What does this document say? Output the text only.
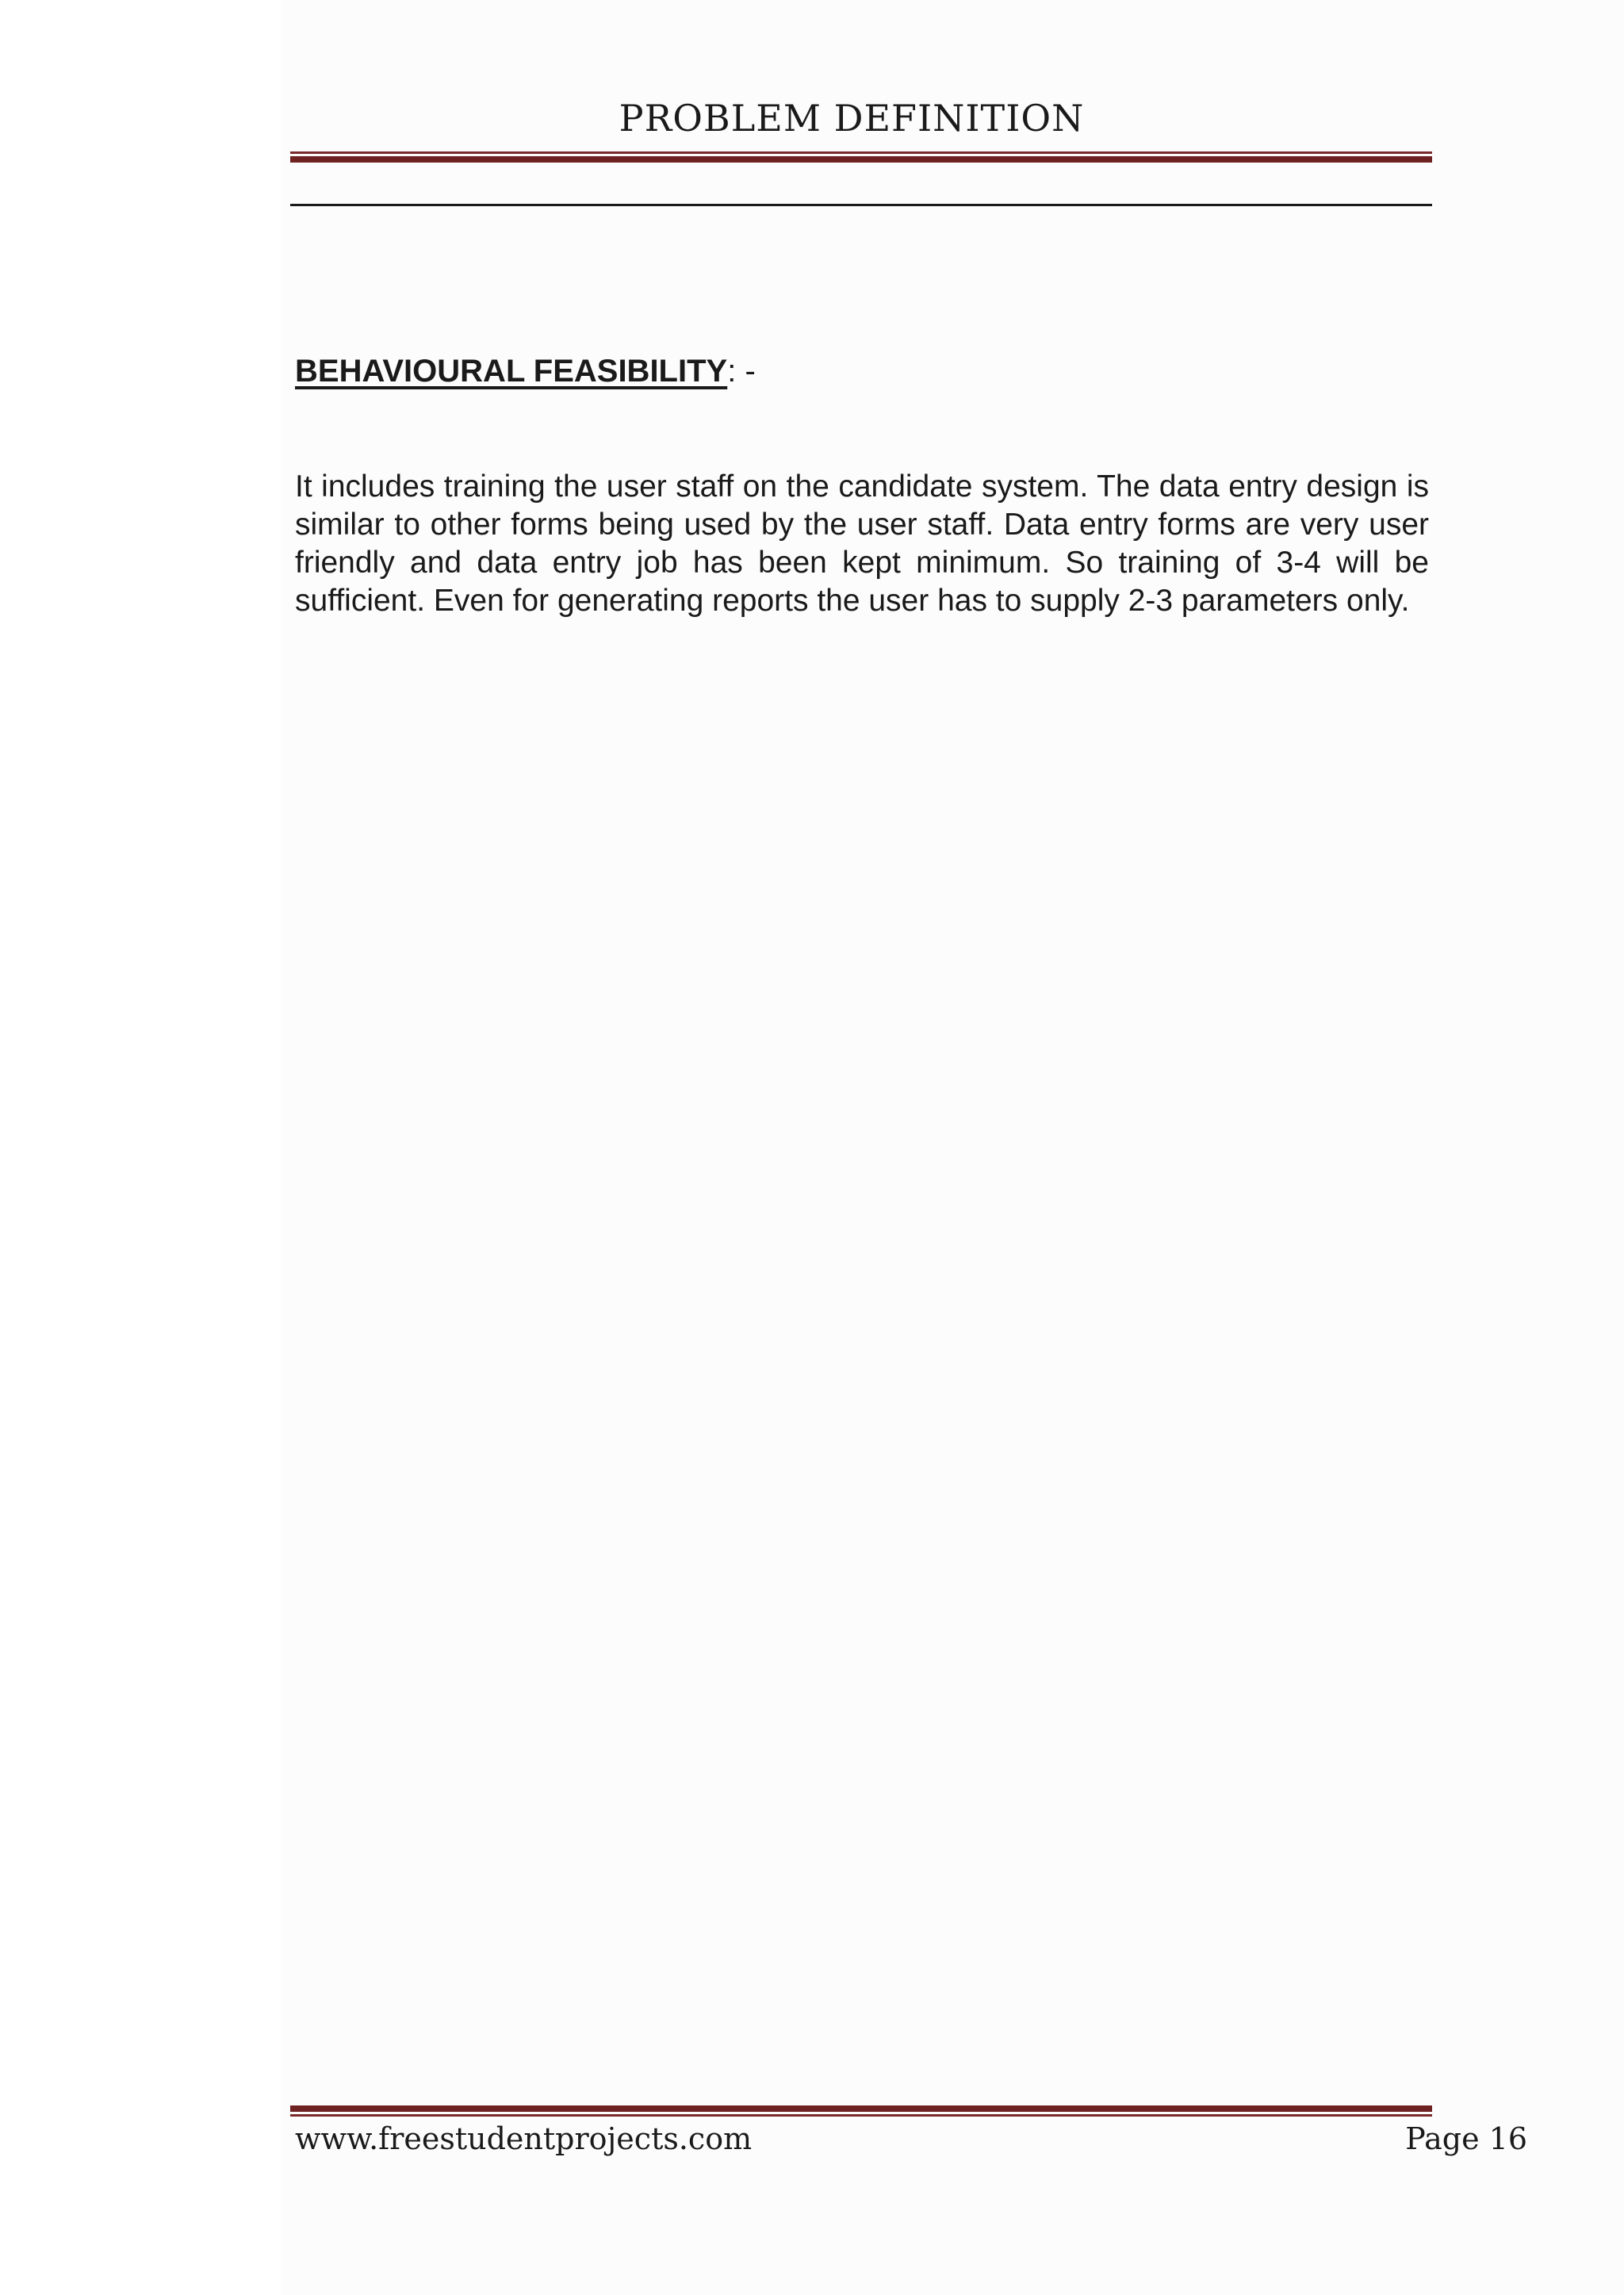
PROBLEM DEFINITION
BEHAVIOURAL FEASIBILITY: -
It includes training the user staff on the candidate system. The data entry design is similar to other forms being used by the user staff. Data entry forms are very user friendly and data entry job has been kept minimum. So training of 3-4 will be sufficient. Even for generating reports the user has to supply 2-3 parameters only.
www.freestudentprojects.com	Page 16
